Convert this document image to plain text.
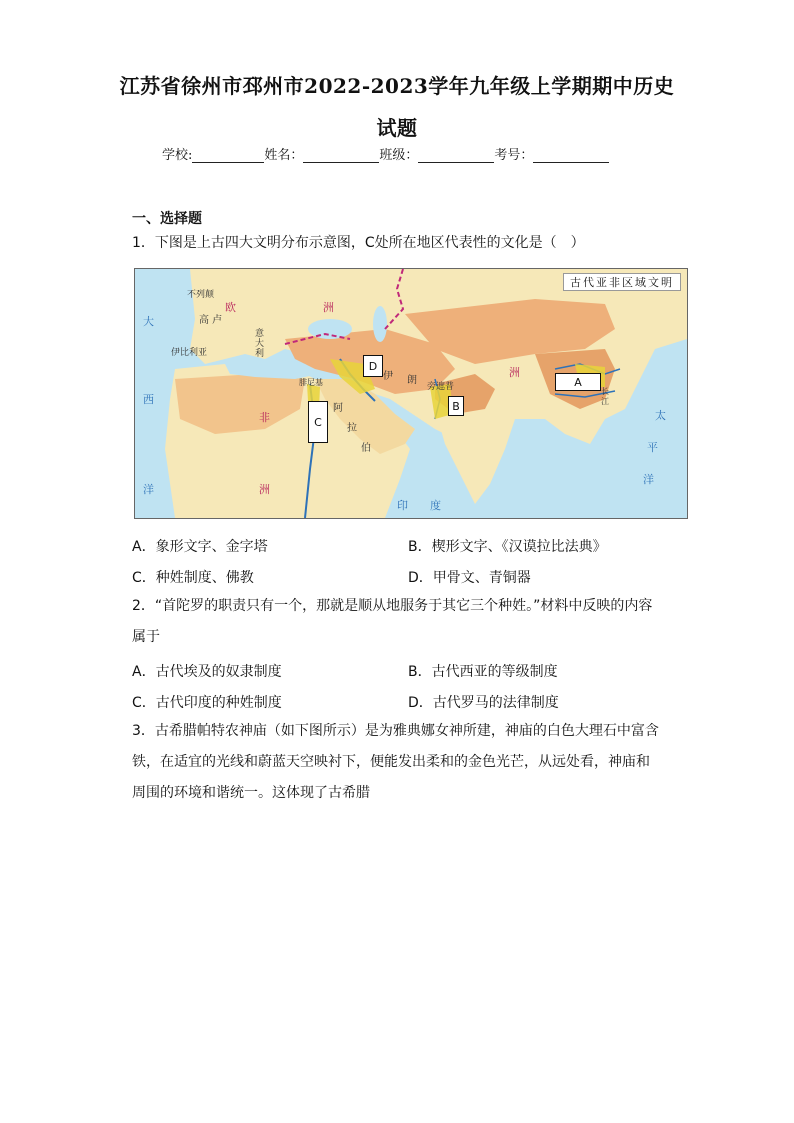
江苏省徐州市邳州市2022-2023学年九年级上学期期中历史
试题
学校:	姓名：	班级：	考号：
一、选择题
1．下图是上古四大文明分布示意图，C处所在地区代表性的文化是（　）
古代亚非区域文明
A
B
C
D
不列颠
高 卢
伊比利亚
意
大
利
欧	洲
阿
拉
伯
伊 朗
旁遮普
洲
非
洲
腓尼基
长
江
大
西
洋
太
平
洋
印　　度
A．象形文字、金字塔	B．楔形文字、《汉谟拉比法典》
C．种姓制度、佛教	D．甲骨文、青铜器
2．“首陀罗的职责只有一个，那就是顺从地服务于其它三个种姓。”材料中反映的内容属于
A．古代埃及的奴隶制度	B．古代西亚的等级制度
C．古代印度的种姓制度	D．古代罗马的法律制度
3．古希腊帕特农神庙（如下图所示）是为雅典娜女神所建，神庙的白色大理石中富含铁，在适宜的光线和蔚蓝天空映衬下，便能发出柔和的金色光芒，从远处看，神庙和周围的环境和谐统一。这体现了古希腊
